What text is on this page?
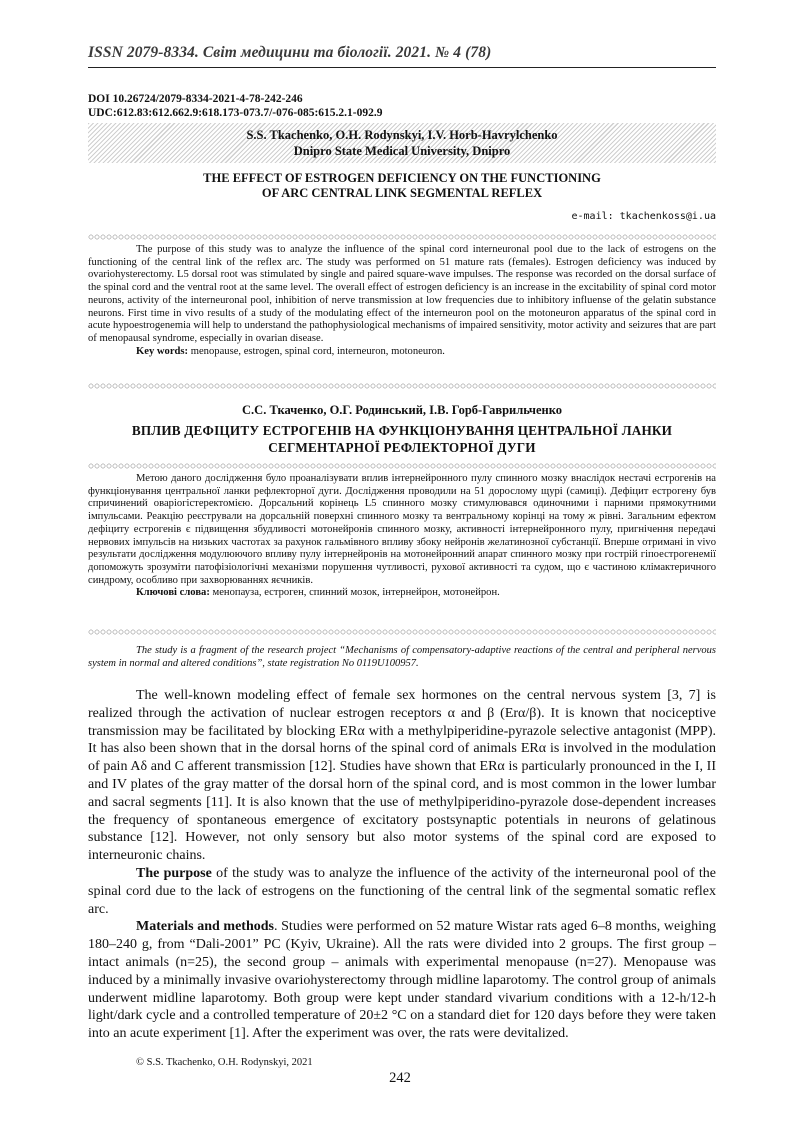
ISSN 2079-8334. Світ медицини та біології. 2021. № 4 (78)
DOI 10.26724/2079-8334-2021-4-78-242-246
UDC:612.83:612.662.9:618.173-073.7/-076-085:615.2.1-092.9
S.S. Tkachenko, O.H. Rodynskyi, I.V. Horb-Havrylchenko
Dnipro State Medical University, Dnipro
THE EFFECT OF ESTROGEN DEFICIENCY ON THE FUNCTIONING
OF ARC CENTRAL LINK SEGMENTAL REFLEX
e-mail: tkachenkoss@i.ua

The purpose of this study was to analyze the influence of the spinal cord interneuronal pool due to the lack of estrogens on the functioning of the central link of the reflex arc. The study was performed on 51 mature rats (females). Estrogen deficiency was induced by ovariohysterectomy. L5 dorsal root was stimulated by single and paired square-wave impulses. The response was recorded on the dorsal surface of the spinal cord and the ventral root at the same level. The overall effect of estrogen deficiency is an increase in the excitability of spinal cord motor neurons, activity of the interneuronal pool, inhibition of nerve transmission at low frequencies due to inhibitory influense of the gelatin substance neurons. First time in vivo results of a study of the modulating effect of the interneuron pool on the motoneuron apparatus of the spinal cord in acute hypoestrogenemia will help to understand the pathophysiological mechanisms of impaired sensitivity, motor activity and seizures that are part of menopausal syndrome, especially in ovarian disease.

Key words: menopause, estrogen, spinal cord, interneuron, motoneuron.

С.С. Ткаченко, О.Г. Родинський, І.В. Горб-Гаврильченко
ВПЛИВ ДЕФІЦИТУ ЕСТРОГЕНІВ НА ФУНКЦІОНУВАННЯ ЦЕНТРАЛЬНОЇ ЛАНКИ
СЕГМЕНТАРНОЇ РЕФЛЕКТОРНОЇ ДУГИ

Метою даного дослідження було проаналізувати вплив інтернейронного пулу спинного мозку внаслідок нестачі естрогенів на функціонування центральної ланки рефлекторної дуги. Дослідження проводили на 51 дорослому щурі (самиці). Дефіцит естрогену був спричинений оваріогістеректомією. Дорсальний корінець L5 спинного мозку стимулювався одиночними і парними прямокутними імпульсами. Реакцію реєстрували на дорсальній поверхні спинного мозку та вентральному корінці на тому ж рівні. Загальним ефектом дефіциту естрогенів є підвищення збудливості мотонейронів спинного мозку, активності інтернейронного пулу, пригнічення передачі нервових імпульсів на низьких частотах за рахунок гальмівного впливу збоку нейронів желатинозної субстанції. Вперше отримані in vivo результати дослідження модулюючого впливу пулу інтернейронів на мотонейронний апарат спинного мозку при гострій гіпоестрогенемії допоможуть зрозуміти патофізіологічні механізми порушення чутливості, рухової активності та судом, що є частиною клімактеричного синдрому, особливо при захворюваннях яєчників.

Ключові слова: менопауза, естроген, спинний мозок, інтернейрон, мотонейрон.

The study is a fragment of the research project “Mechanisms of compensatory-adaptive reactions of the central and peripheral nervous system in normal and altered conditions”, state registration No 0119U100957.

The well-known modeling effect of female sex hormones on the central nervous system [3, 7] is realized through the activation of nuclear estrogen receptors α and β (Erα/β). It is known that nociceptive transmission may be facilitated by blocking ERα with a methylpiperidine-pyrazole selective antagonist (MPP). It has also been shown that in the dorsal horns of the spinal cord of animals ERα is involved in the modulation of pain Aδ and C afferent transmission [12]. Studies have shown that ERα is particularly pronounced in the I, II and IV plates of the gray matter of the dorsal horn of the spinal cord, and is most common in the lower lumbar and sacral segments [11]. It is also known that the use of methylpiperidino-pyrazole dose-dependent increases the frequency of spontaneous emergence of excitatory postsynaptic potentials in neurons of gelatinous substance [12]. However, not only sensory but also motor systems of the spinal cord are exposed to interneuronic chains.

The purpose of the study was to analyze the influence of the activity of the interneuronal pool of the spinal cord due to the lack of estrogens on the functioning of the central link of the segmental somatic reflex arc.

Materials and methods. Studies were performed on 52 mature Wistar rats aged 6–8 months, weighing 180–240 g, from “Dali-2001” PC (Kyiv, Ukraine). All the rats were divided into 2 groups. The first group – intact animals (n=25), the second group – animals with experimental menopause (n=27). Menopause was induced by a minimally invasive ovariohysterectomy through midline laparotomy. The control group of animals underwent midline laparotomy. Both group were kept under standard vivarium conditions with a 12-h/12-h light/dark cycle and a controlled temperature of 20±2 °C on a standard diet for 120 days before they were taken into an acute experiment [1]. After the experiment was over, the rats were devitalized.

© S.S. Tkachenko, O.H. Rodynskyi, 2021
242
